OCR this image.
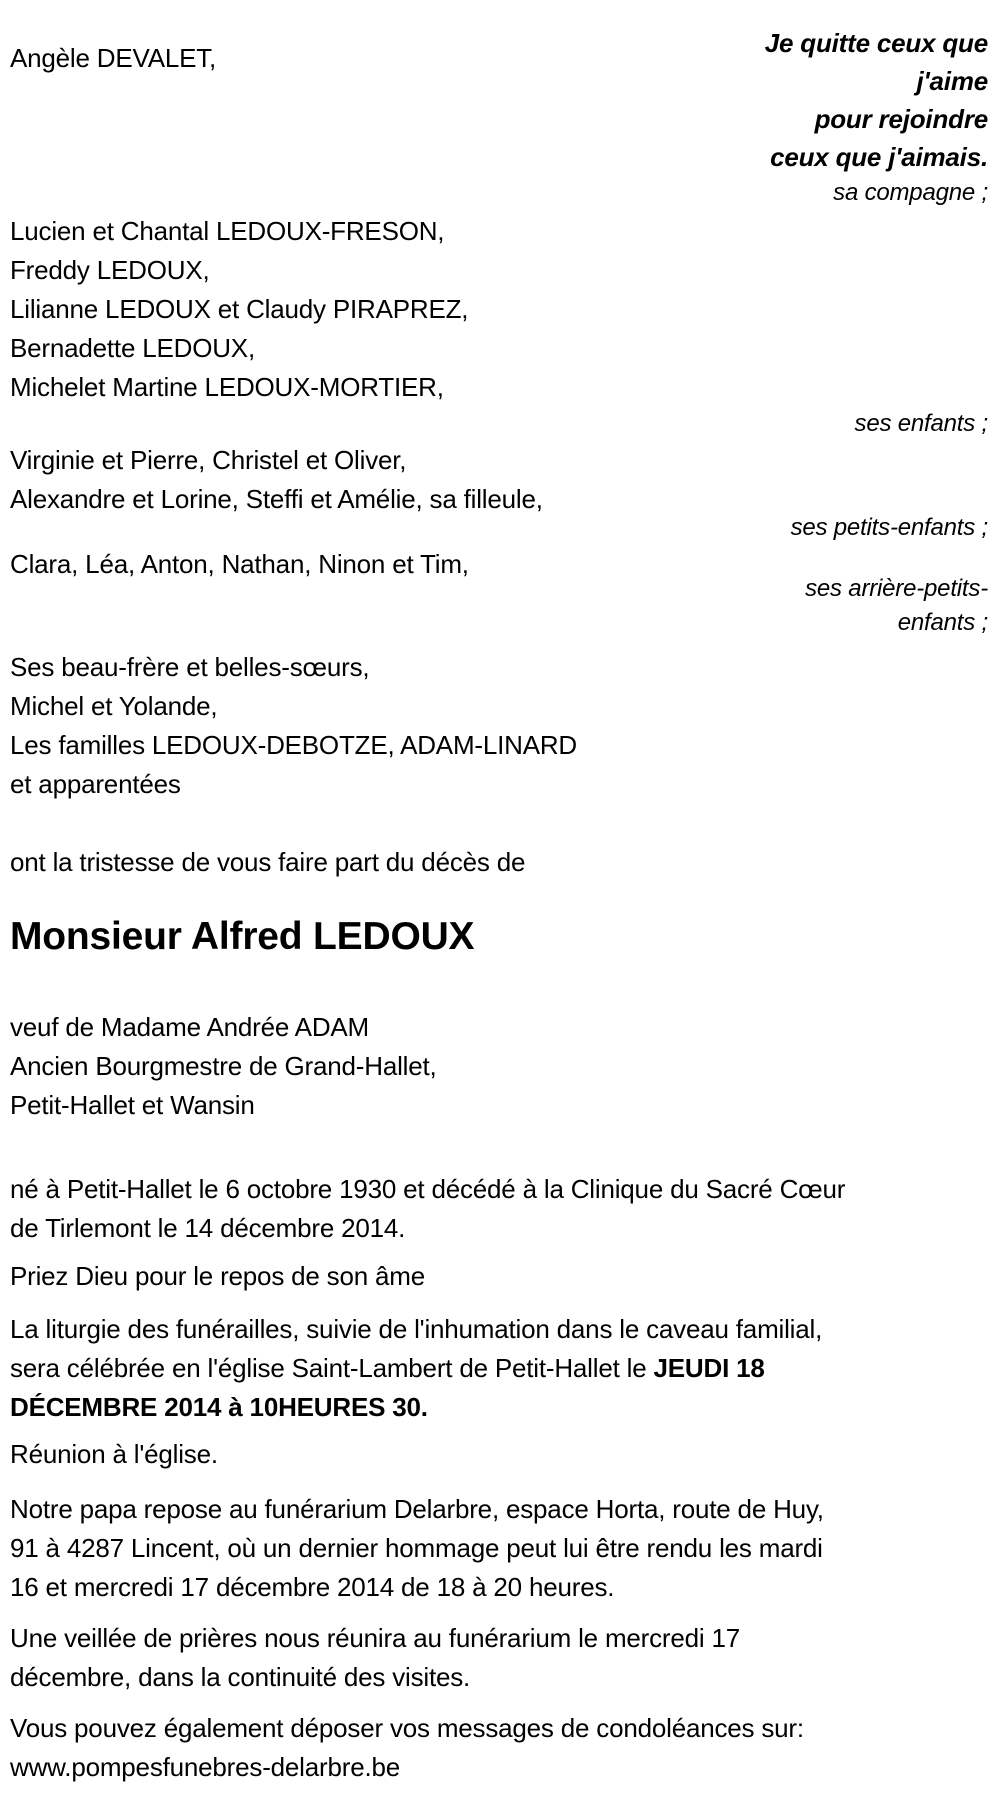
Angèle DEVALET,	Je quitte ceux que
j'aime
pour rejoindre
ceux que j'aimais.
sa compagne ;
Lucien et Chantal LEDOUX-FRESON,
Freddy LEDOUX,
Lilianne LEDOUX et Claudy PIRAPREZ,
Bernadette LEDOUX,
Michelet Martine LEDOUX-MORTIER,
ses enfants ;
Virginie et Pierre, Christel et Oliver,
Alexandre et Lorine, Steffi et Amélie, sa filleule,
ses petits-enfants ;
Clara, Léa, Anton, Nathan, Ninon et Tim,
ses arrière-petits-
enfants ;
Ses beau-frère et belles-sœurs,
Michel et Yolande,
Les familles LEDOUX-DEBOTZE, ADAM-LINARD
et apparentées
ont la tristesse de vous faire part du décès de
Monsieur Alfred LEDOUX
veuf de Madame Andrée ADAM
Ancien Bourgmestre de Grand-Hallet,
Petit-Hallet et Wansin
né à Petit-Hallet le 6 octobre 1930 et décédé à la Clinique du Sacré Cœur
de Tirlemont le 14 décembre 2014.
Priez Dieu pour le repos de son âme
La liturgie des funérailles, suivie de l'inhumation dans le caveau familial,
sera célébrée en l'église Saint-Lambert de Petit-Hallet le JEUDI 18
DÉCEMBRE 2014 à 10HEURES 30.
Réunion à l'église.
Notre papa repose au funérarium Delarbre, espace Horta, route de Huy,
91 à 4287 Lincent, où un dernier hommage peut lui être rendu les mardi
16 et mercredi 17 décembre 2014 de 18 à 20 heures.
Une veillée de prières nous réunira au funérarium le mercredi 17
décembre, dans la continuité des visites.
Vous pouvez également déposer vos messages de condoléances sur:
www.pompesfunebres-delarbre.be
